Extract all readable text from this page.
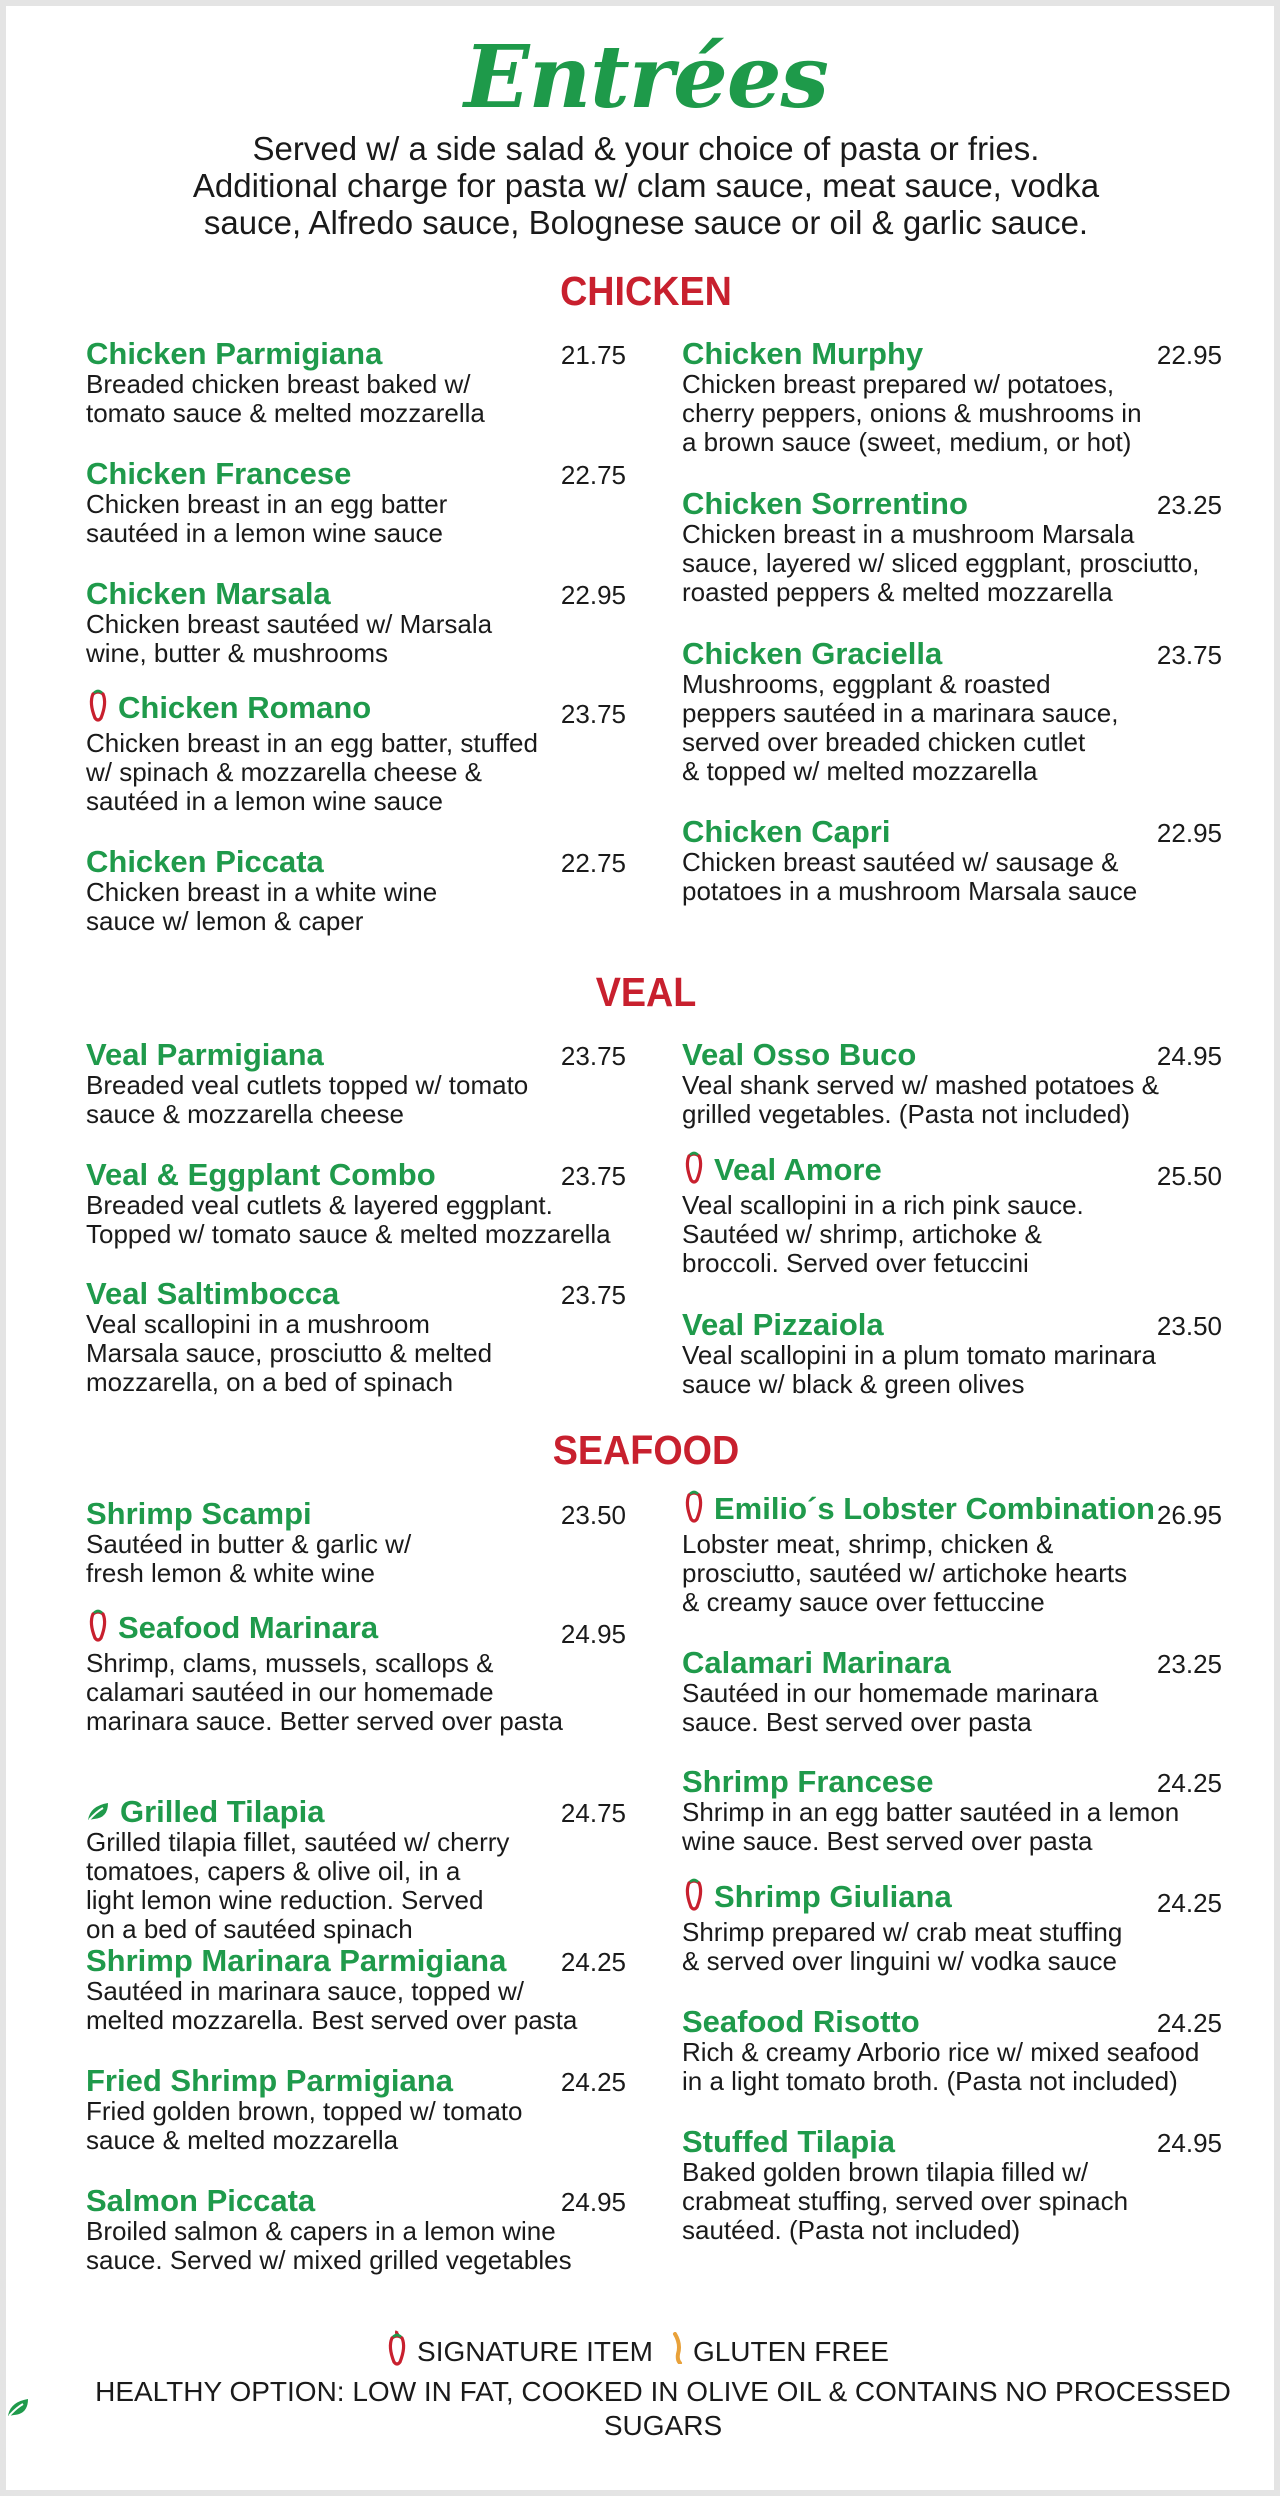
Entrées
Served w/ a side salad & your choice of pasta or fries.
Additional charge for pasta w/ clam sauce, meat sauce, vodka
sauce, Alfredo sauce, Bolognese sauce or oil & garlic sauce.
CHICKEN
Chicken Parmigiana	21.75
Breaded chicken breast baked w/
tomato sauce & melted mozzarella
Chicken Francese	22.75
Chicken breast in an egg batter
sautéed in a lemon wine sauce
Chicken Marsala	22.95
Chicken breast sautéed w/ Marsala
wine, butter & mushrooms
Chicken Romano	23.75
Chicken breast in an egg batter, stuffed
w/ spinach & mozzarella cheese &
sautéed in a lemon wine sauce
Chicken Piccata	22.75
Chicken breast in a white wine
sauce w/ lemon & caper
Chicken Murphy	22.95
Chicken breast prepared w/ potatoes,
cherry peppers, onions & mushrooms in
a brown sauce (sweet, medium, or hot)
Chicken Sorrentino	23.25
Chicken breast in a mushroom Marsala
sauce, layered w/ sliced eggplant, prosciutto,
roasted peppers & melted mozzarella
Chicken Graciella	23.75
Mushrooms, eggplant & roasted
peppers sautéed in a marinara sauce,
served over breaded chicken cutlet
& topped w/ melted mozzarella
Chicken Capri	22.95
Chicken breast sautéed w/ sausage &
potatoes in a mushroom Marsala sauce
VEAL
Veal Parmigiana	23.75
Breaded veal cutlets topped w/ tomato
sauce & mozzarella cheese
Veal & Eggplant Combo	23.75
Breaded veal cutlets & layered eggplant.
Topped w/ tomato sauce & melted mozzarella
Veal Saltimbocca	23.75
Veal scallopini in a mushroom
Marsala sauce, prosciutto & melted
mozzarella, on a bed of spinach
Veal Osso Buco	24.95
Veal shank served w/ mashed potatoes &
grilled vegetables. (Pasta not included)
Veal Amore	25.50
Veal scallopini in a rich pink sauce.
Sautéed w/ shrimp, artichoke &
broccoli. Served over fetuccini
Veal Pizzaiola	23.50
Veal scallopini in a plum tomato marinara
sauce w/ black & green olives
SEAFOOD
Shrimp Scampi	23.50
Sautéed in butter & garlic w/
fresh lemon & white wine
Seafood Marinara	24.95
Shrimp, clams, mussels, scallops &
calamari sautéed in our homemade
marinara sauce. Better served over pasta
Grilled Tilapia	24.75
Grilled tilapia fillet, sautéed w/ cherry
tomatoes, capers & olive oil, in a
light lemon wine reduction. Served
on a bed of sautéed spinach
Shrimp Marinara Parmigiana 24.25
Sautéed in marinara sauce, topped w/
melted mozzarella. Best served over pasta
Fried Shrimp Parmigiana	24.25
Fried golden brown, topped w/ tomato
sauce & melted mozzarella
Salmon Piccata	24.95
Broiled salmon & capers in a lemon wine
sauce. Served w/ mixed grilled vegetables
Emilio´s Lobster Combination 26.95
Lobster meat, shrimp, chicken &
prosciutto, sautéed w/ artichoke hearts
& creamy sauce over fettuccine
Calamari Marinara	23.25
Sautéed in our homemade marinara
sauce. Best served over pasta
Shrimp Francese	24.25
Shrimp in an egg batter sautéed in a lemon
wine sauce. Best served over pasta
Shrimp Giuliana	24.25
Shrimp prepared w/ crab meat stuffing
& served over linguini w/ vodka sauce
Seafood Risotto	24.25
Rich & creamy Arborio rice w/ mixed seafood
in a light tomato broth. (Pasta not included)
Stuffed Tilapia	24.95
Baked golden brown tilapia filled w/
crabmeat stuffing, served over spinach
sautéed. (Pasta not included)
SIGNATURE ITEM GLUTEN FREE
HEALTHY OPTION: LOW IN FAT, COOKED IN OLIVE OIL & CONTAINS NO PROCESSED SUGARS
